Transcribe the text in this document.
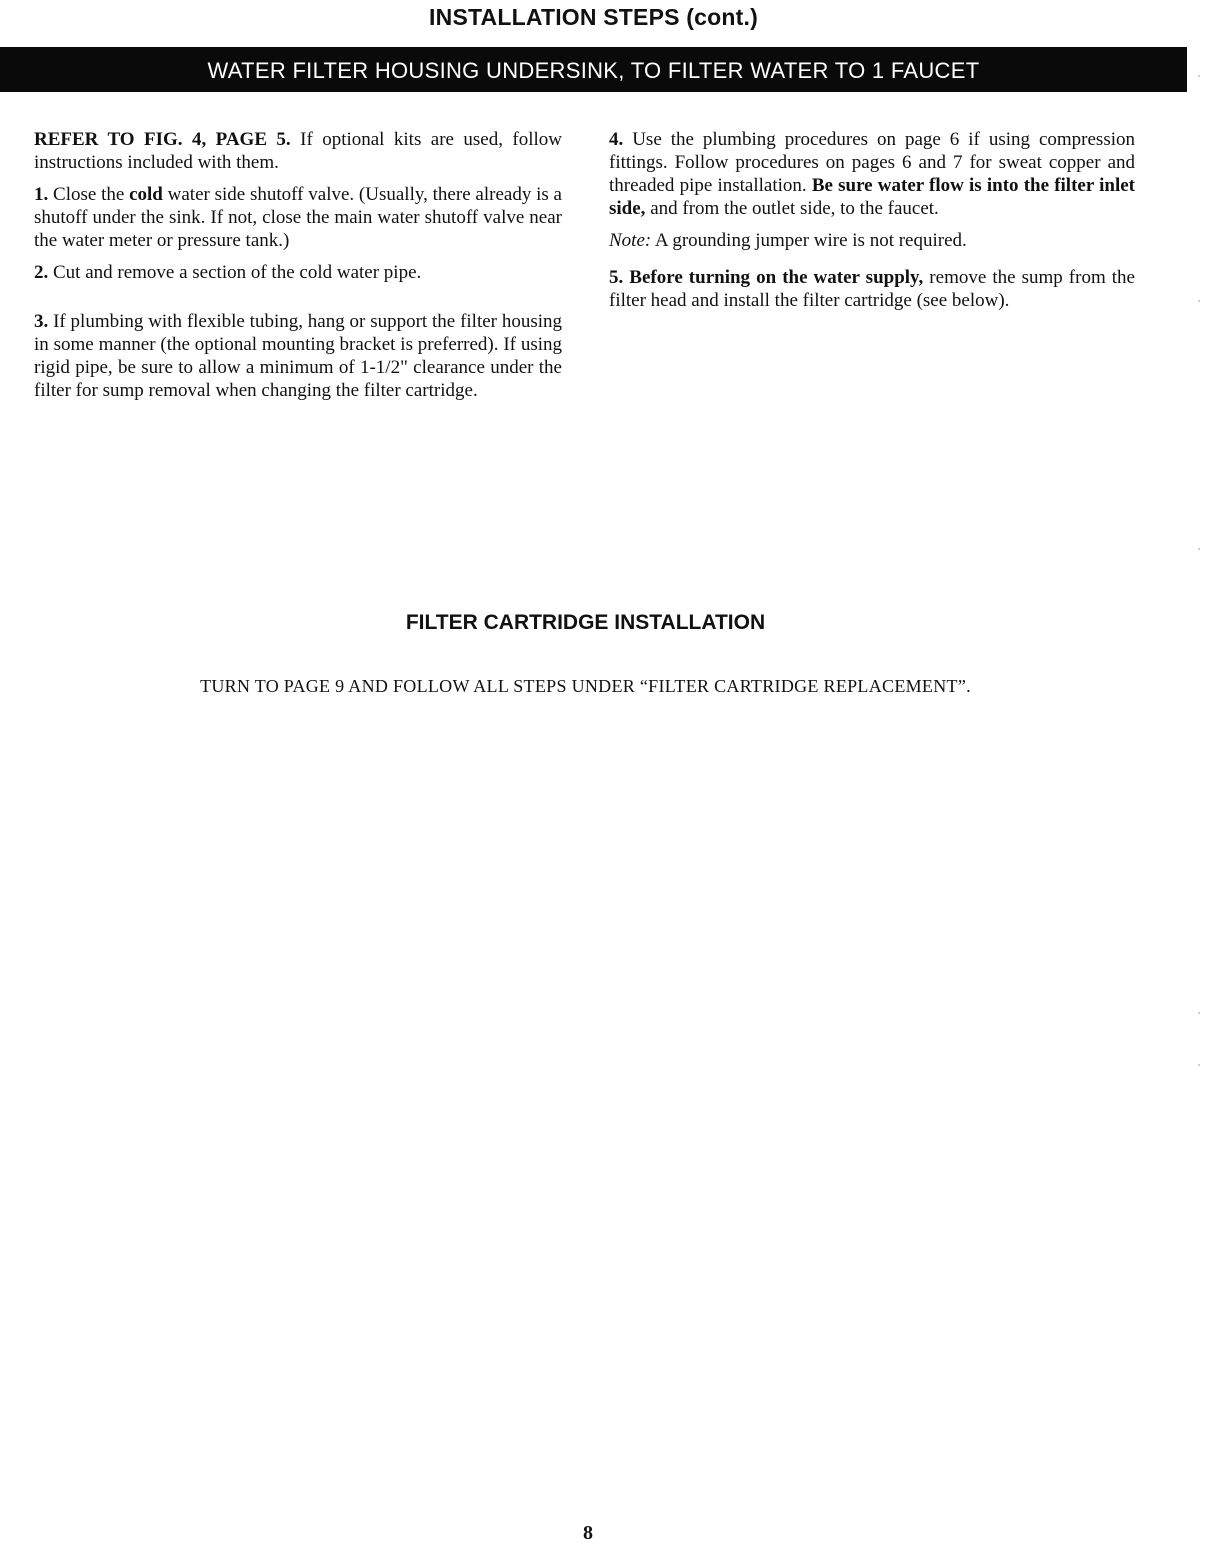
INSTALLATION STEPS (cont.)
WATER FILTER HOUSING UNDERSINK, TO FILTER WATER TO 1 FAUCET

REFER TO FIG. 4, PAGE 5. If optional kits are used, follow instructions included with them.

1. Close the cold water side shutoff valve. (Usually, there already is a shutoff under the sink. If not, close the main water shutoff valve near the water meter or pressure tank.)

2. Cut and remove a section of the cold water pipe.

3. If plumbing with flexible tubing, hang or support the filter housing in some manner (the optional mounting bracket is preferred). If using rigid pipe, be sure to allow a minimum of 1-1/2" clearance under the filter for sump removal when changing the filter cartridge.

4. Use the plumbing procedures on page 6 if using compression fittings. Follow procedures on pages 6 and 7 for sweat copper and threaded pipe installation. Be sure water flow is into the filter inlet side, and from the outlet side, to the faucet.

Note: A grounding jumper wire is not required.

5. Before turning on the water supply, remove the sump from the filter head and install the filter cartridge (see below).

FILTER CARTRIDGE INSTALLATION

TURN TO PAGE 9 AND FOLLOW ALL STEPS UNDER “FILTER CARTRIDGE REPLACEMENT”.

8
